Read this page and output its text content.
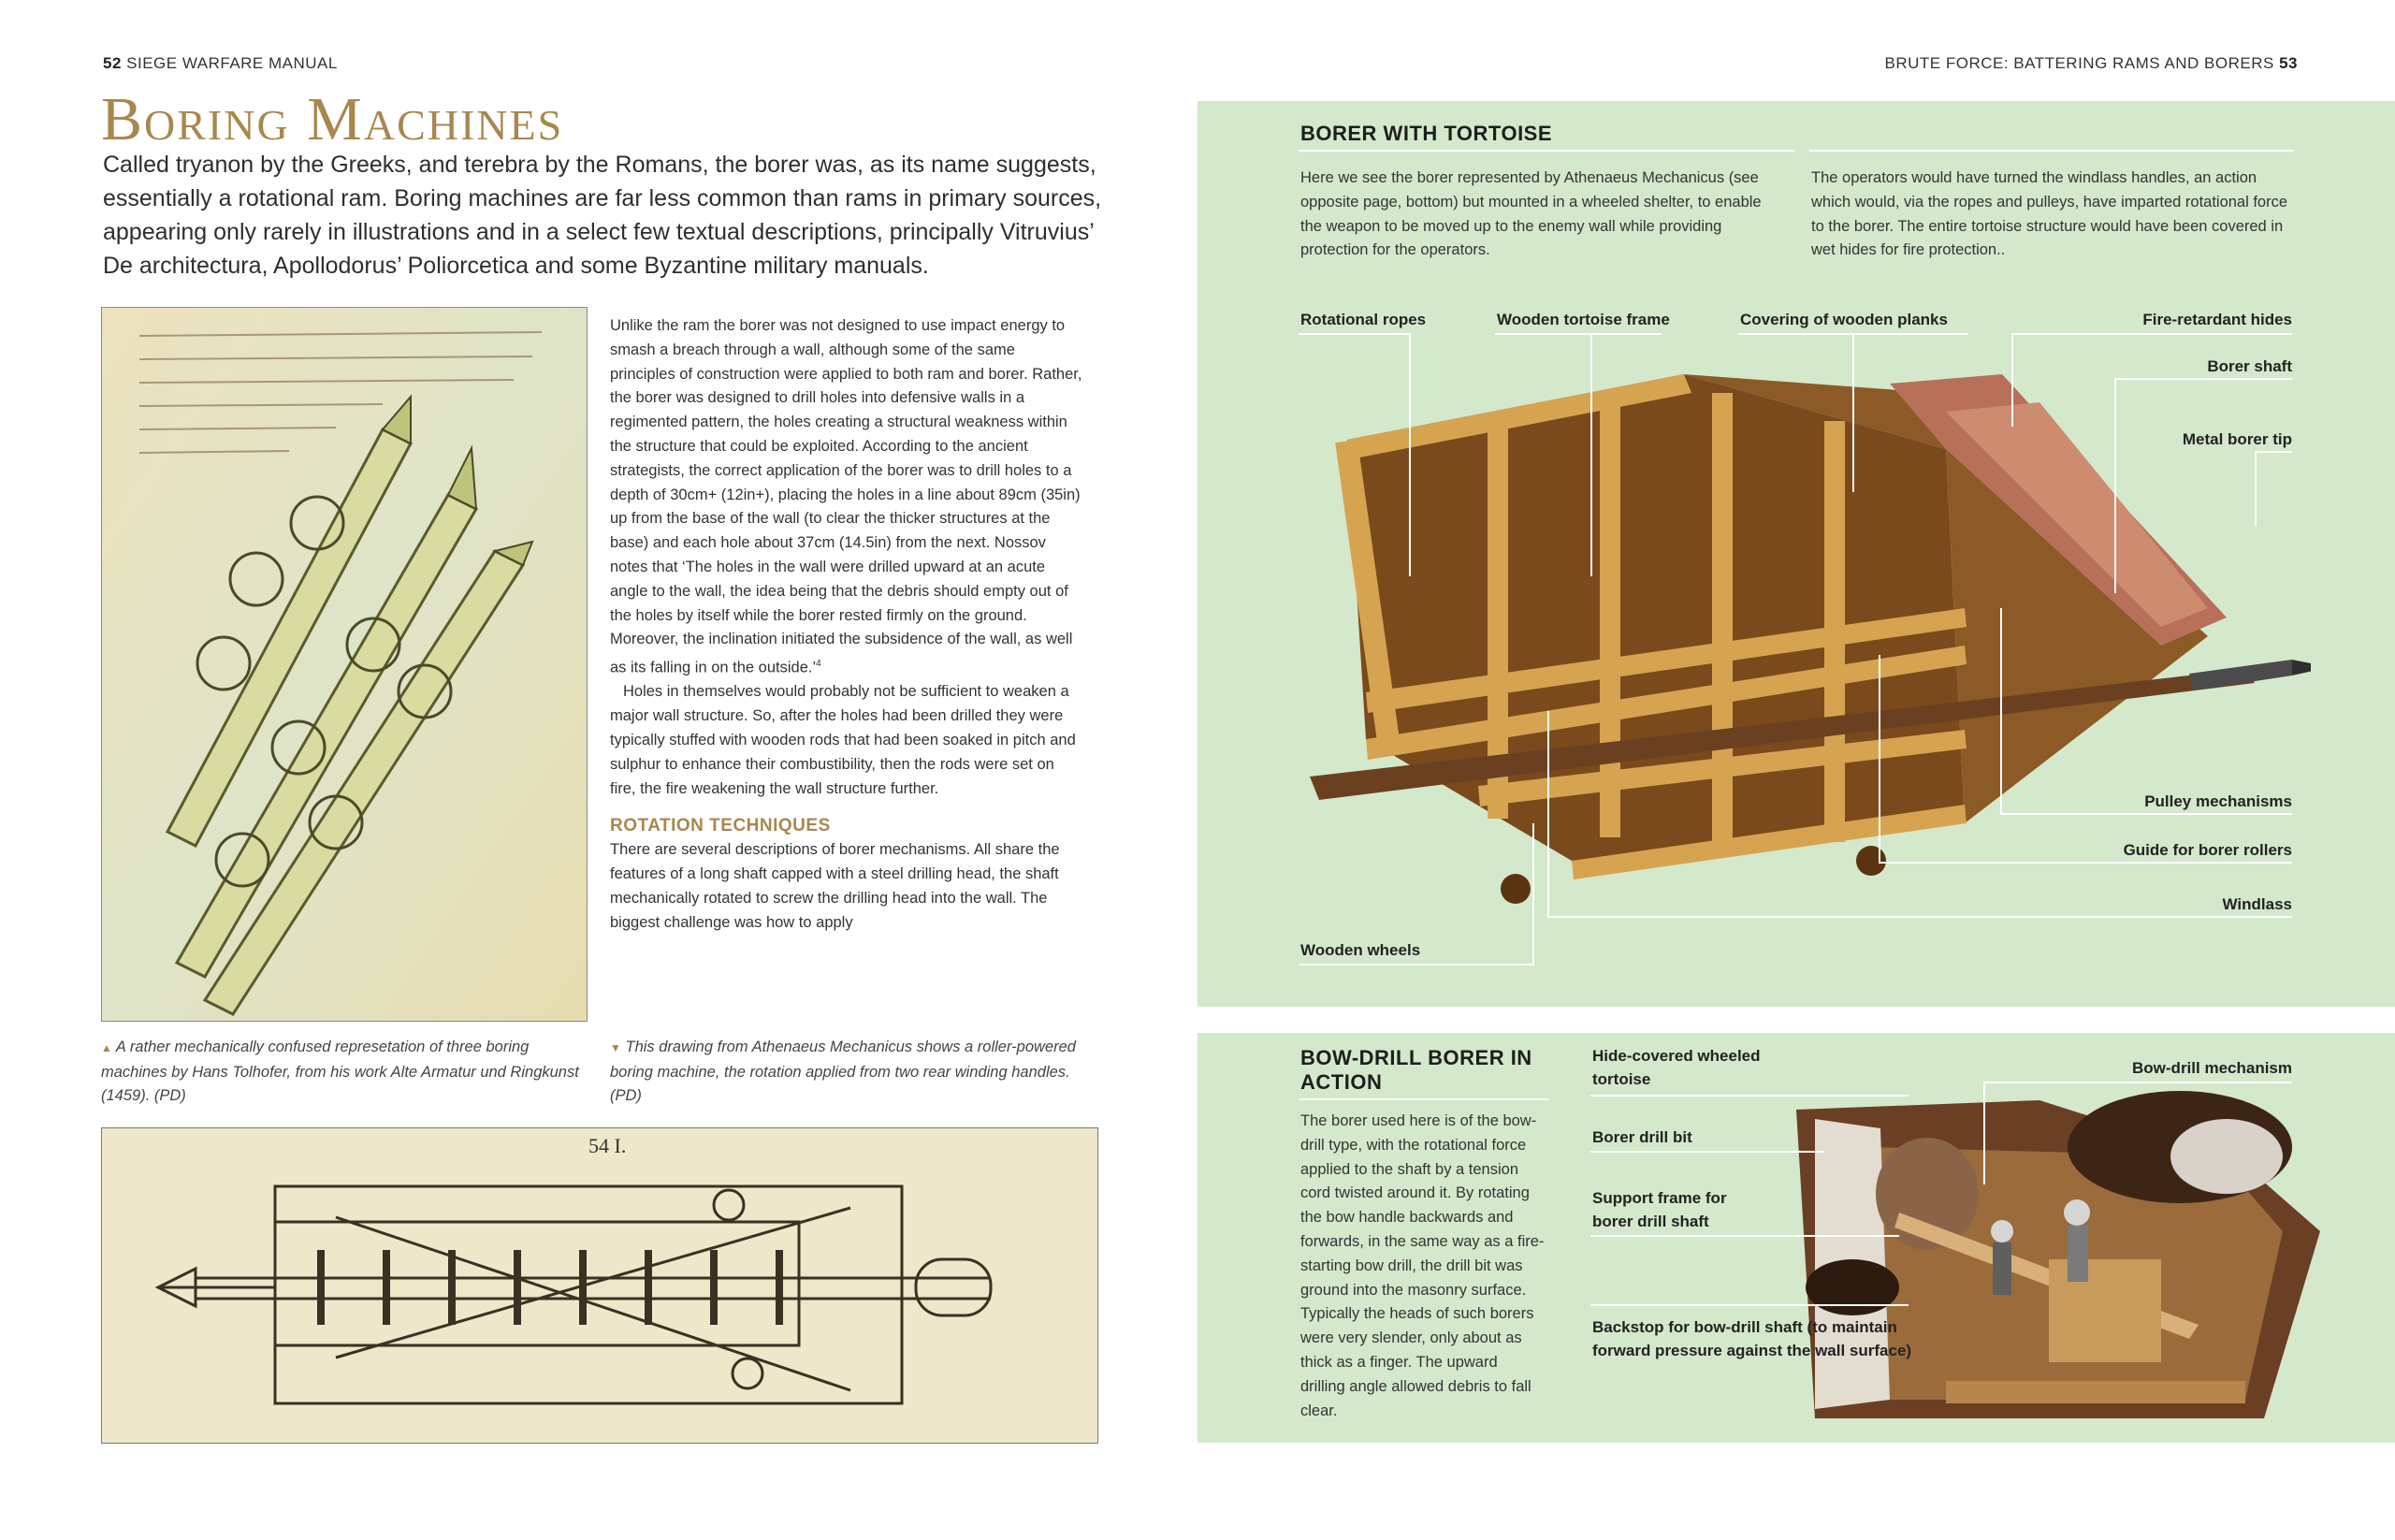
52 SIEGE WARFARE MANUAL	BRUTE FORCE: BATTERING RAMS AND BORERS 53
Boring Machines
Called tryanon by the Greeks, and terebra by the Romans, the borer was, as its name suggests, essentially a rotational ram. Boring machines are far less common than rams in primary sources, appearing only rarely in illustrations and in a select few textual descriptions, principally Vitruvius’ De architectura, Apollodorus’ Poliorcetica and some Byzantine military manuals.

Unlike the ram the borer was not designed to use impact energy to smash a breach through a wall, although some of the same principles of construction were applied to both ram and borer. Rather, the borer was designed to drill holes into defensive walls in a regimented pattern, the holes creating a structural weakness within the structure that could be exploited. According to the ancient strategists, the correct application of the borer was to drill holes to a depth of 30cm+ (12in+), placing the holes in a line about 89cm (35in) up from the base of the wall (to clear the thicker structures at the base) and each hole about 37cm (14.5in) from the next. Nossov notes that ‘The holes in the wall were drilled upward at an acute angle to the wall, the idea being that the debris should empty out of the holes by itself while the borer rested firmly on the ground. Moreover, the inclination initiated the subsidence of the wall, as well as its falling in on the outside.’$^4$

Holes in themselves would probably not be sufficient to weaken a major wall structure. So, after the holes had been drilled they were typically stuffed with wooden rods that had been soaked in pitch and sulphur to enhance their combustibility, then the rods were set on fire, the fire weakening the wall structure further.

ROTATION TECHNIQUES

There are several descriptions of borer mechanisms. All share the features of a long shaft capped with a steel drilling head, the shaft mechanically rotated to screw the drilling head into the wall. The biggest challenge was how to apply

▲ A rather mechanically confused represetation of three boring machines by Hans Tolhofer, from his work Alte Armatur und Ringkunst (1459). (PD)
▼ This drawing from Athenaeus Mechanicus shows a roller-powered boring machine, the rotation applied from two rear winding handles. (PD)
54 I.
BORER WITH TORTOISE
Here we see the borer represented by Athenaeus Mechanicus (see opposite page, bottom) but mounted in a wheeled shelter, to enable the weapon to be moved up to the enemy wall while providing protection for the operators.
The operators would have turned the windlass handles, an action which would, via the ropes and pulleys, have imparted rotational force to the borer. The entire tortoise structure would have been covered in wet hides for fire protection..
Rotational ropes	Wooden tortoise frame	Covering of wooden planks	Fire-retardant hides
Borer shaft
Metal borer tip
Pulley mechanisms
Guide for borer rollers
Windlass
Wooden wheels
BOW-DRILL BORER IN ACTION
The borer used here is of the bow-drill type, with the rotational force applied to the shaft by a tension cord twisted around it. By rotating the bow handle backwards and forwards, in the same way as a fire-starting bow drill, the drill bit was ground into the masonry surface. Typically the heads of such borers were very slender, only about as thick as a finger. The upward drilling angle allowed debris to fall clear.
Hide-covered wheeled tortoise
Borer drill bit
Support frame for borer drill shaft
Backstop for bow-drill shaft (to maintain forward pressure against the wall surface)
Bow-drill mechanism
